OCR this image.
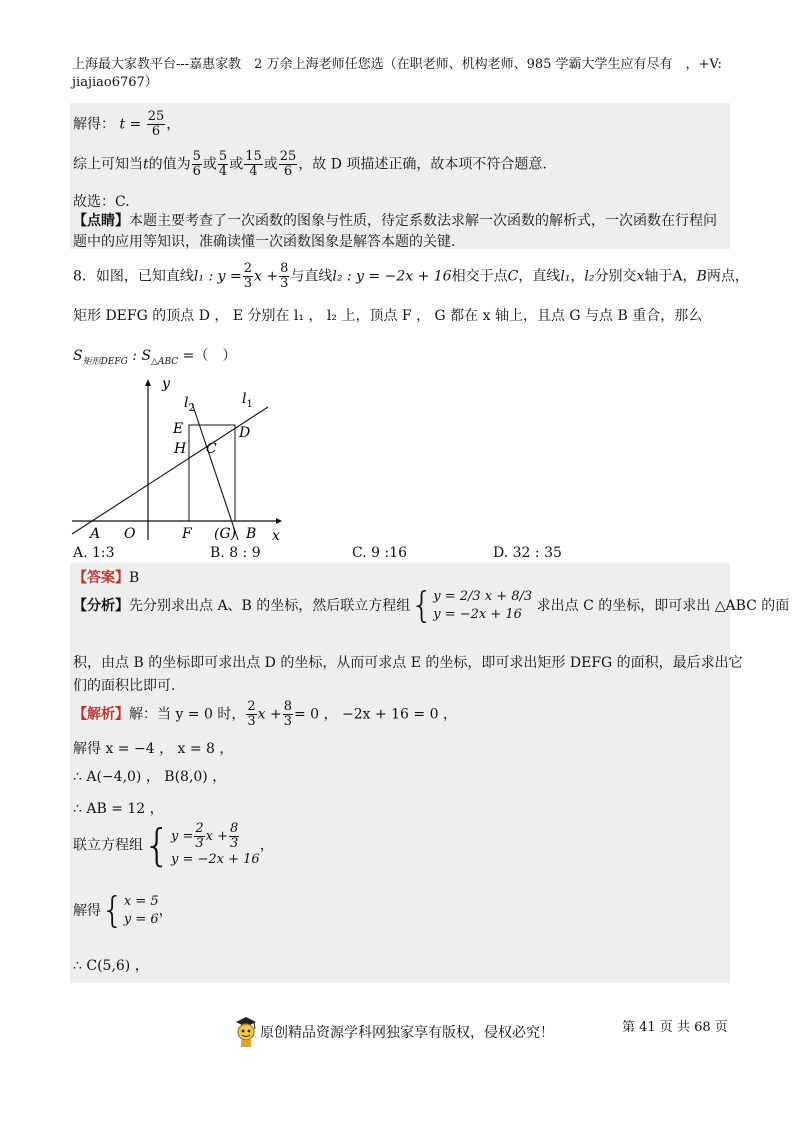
上海最大家教平台---嘉惠家教　2 万余上海老师任您选（在职老师、机构老师、985 学霸大学生应有尽有　，+V:
jiajiao6767）
解得： $t = \frac{25}{6}$ ，
综上可知当t的值为 $\frac{5}{6}$ 或 $\frac{5}{4}$ 或 $\frac{15}{4}$ 或 $\frac{25}{6}$ ，故 D 项描述正确，故本项不符合题意.
故选：C.
【点睛】本题主要考查了一次函数的图象与性质，待定系数法求解一次函数的解析式，一次函数在行程问
题中的应用等知识，准确读懂一次函数图象是解答本题的关键.
8．如图，已知直线l₁ : $y = \frac{2}{3}$ $x + \frac{8}{3}$ 与直线l₂ : y = −2x + 16相交于点C，直线l₁，l₂分别交x轴于A，B两点，
矩形 DEFG 的顶点 D ， E 分别在 l₁ ， l₂ 上，顶点 F ， G 都在 x 轴上，且点 G 与点 B 重合，那么
$S_{矩形DEFG}$ : $S_{\triangle ABC}$ =（　）
y
x
$l_2$
$l_1$
E	D
H C
A O	F (G) B
A. 1:3	B. 8 : 9	C. 9 :16	D. 32 : 35
【答案】B
【分析】先分别求出点 A、B 的坐标，然后联立方程组{ y = 2/3 x + 8/3
y = −2x + 16
求出点 C 的坐标，即可求出 △ABC 的面
积，由点 B 的坐标即可求出点 D 的坐标，从而可求点 E 的坐标，即可求出矩形 DEFG 的面积，最后求出它
们的面积比即可.
【解析】解：当 y = 0 时， $\frac{2}{3}$ $x + \frac{8}{3} = 0$ ， −2x + 16 = 0 ，
解得 x = −4 ， x = 8 ，
∴ A(−4,0) ， B(8,0) ，
∴ AB = 12 ，
联立方程组{ $y = \frac{2}{3}$ $x + \frac{8}{3}$
y = −2x + 16
，
解得{ x = 5
y = 6
，
∴ C(5,6) ，
原创精品资源学科网独家享有版权，侵权必究！	第 41 页 共 68 页
